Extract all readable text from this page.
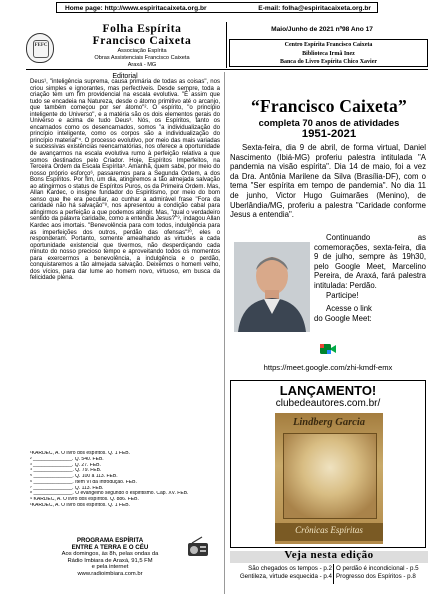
Home page: http://www.espiritacaixeta.org.br	E-mail: folha@espiritacaixeta.org.br
FEFC
Folha Espírita
Francisco Caixeta
Associação Espírita
Obras Assistenciais Francisco Caixeta
Araxá - MG
Maio/Junho de 2021 nº98 Ano 17
Centro Espírita Francisco Caixeta
Biblioteca Irmã Inez
Banca do Livro Espírita Chico Xavier
Editorial

Deus¹, "inteligência suprema, causa primária de todas as coisas", nos criou simples e ignorantes, mas perfectíveis. Desde sempre, toda a criação tem um fim providencial na escala evolutiva. "É assim que tudo se encadeia na Natureza, desde o átomo primitivo até o arcanjo, que também começou por ser átomo"². O espírito, "o princípio inteligente do Universo", e a matéria são os dois elementos gerais do Universo e acima de tudo Deus³. Nós, os Espíritos, tanto os encarnados como os desencarnados, somos "a individualização do princípio inteligente, como os corpos são a individualização do princípio material"⁴. O processo evolutivo, por meio das mais variadas e sucessivas existências reencarnatórias, nos oferece a oportunidade de avançarmos na escala evolutiva rumo à perfeição relativa a que somos destinados pelo Criador. Hoje, Espíritos Imperfeitos, na Terceira Ordem da Escala Espírita⁵. Amanhã, quem sabe, por meio do nosso próprio esforço⁶, passaremos para a Segunda Ordem, a dos Bons Espíritos. Por fim, um dia, atingiremos a tão almejada salvação ao atingirmos o status de Espíritos Puros, os da Primeira Ordem. Mas, Allan Kardec, o insigne fundador do Espiritismo, por meio do bom senso que lhe era peculiar, ao cunhar a admirável frase "Fora da caridade não há salvação"⁸, nos apresentou a condição cabal para atingirmos a perfeição a que podemos atingir. Mas, "qual o verdadeiro sentido da palavra caridade, como a entendia Jesus?"⁹, indagou Allan Kardec aos imortais. "Benevolência para com todos, indulgência para as imperfeições dos outros, perdão das ofensas"¹⁰, eles o responderam. Portanto, somente amealhando as virtudes a cada oportunidade existencial que tivermos, não desperdiçando cada minuto do nosso precioso tempo e aproveitando todos os momentos para exercermos a benevolência, a indulgência e o perdão, conquistaremos a tão almejada salvação. Deixemos o homem velho, dos vícios, para dar lume ao homem novo, virtuoso, em busca da felicidade plena.

¹KARDEC, A. O livro dos espíritos. Q. 1 FEB.
² ______________. Q. 540. FEB.
³ ______________. Q. 27. FEB.
⁴ ______________. Q. 79. FEB.
⁵ ______________. Q. 100 a 113. FEB.
⁶ ______________. Item VI da Introdução. FEB.
⁷ ______________. Q. 113. FEB.
⁸ ______________. O evangelho segundo o espiritismo. Cap. XV. FEB.
⁹ KARDEC, A. O livro dos espíritos. Q. 886. FEB.
¹KARDEC, A. O livro dos espíritos. Q. 1 FEB.
PROGRAMA ESPÍRITA
ENTRE A TERRA E O CÉU
Aos domingos, às 8h, pelas ondas da
Rádio Imbiara de Araxá, 91,5 FM
e pela internet
www.radioimbiara.com.br
“Francisco Caixeta”
completa 70 anos de atividades
1951-2021

Sexta-feira, dia 9 de abril, de forma virtual, Daniel Nascimento (Ibiá-MG) proferiu palestra intitulada "A pandemia na visão espírita". Dia 14 de maio, foi a vez da Dra. Antônia Marilene da Silva (Brasília-DF), com o tema "Ser espírita em tempo de pandemia". No dia 11 de junho, Victor Hugo Guimarães (Menino), de Uberlândia/MG, proferiu a palestra "Caridade conforme Jesus a entendia".

Continuando as comemorações, sexta-feira, dia 9 de julho, sempre às 19h30, pelo Google Meet, Marcelino Pereira, de Araxá, fará palestra intitulada: Perdão.

Participe!

Acesse o link

do Google Meet:

https://meet.google.com/zhi-kmdf-emx
LANÇAMENTO!
clubedeautores.com.br/
Lindberg Garcia
Crônicas Espíritas
Veja nesta edição
São chegados os tempos - p.2
Gentileza, virtude esquecida - p.4
O perdão é incondicional - p.5
Progresso dos Espíritos - p.8
